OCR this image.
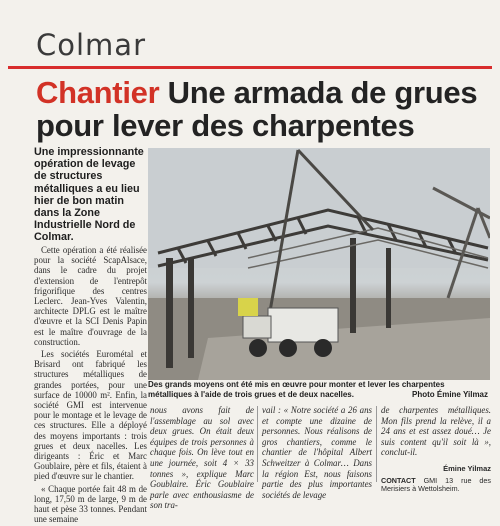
Colmar
Chantier Une armada de grues
pour lever des charpentes
Une impressionnante opération de levage de structures métalliques a eu lieu hier de bon matin dans la Zone Industrielle Nord de Colmar.

Cette opération a été réalisée pour la société ScapAlsace, dans le cadre du projet d'extension de l'entrepôt frigorifique des centres Leclerc. Jean-Yves Valentin, architecte DPLG est le maître d'œuvre et la SCI Denis Papin est le maître d'ouvrage de la construction.

Les sociétés Eurométal et Brisard ont fabriqué les structures métalliques de grandes portées, pour une surface de 10000 m². Enfin, la société GMI est intervenue pour le montage et le levage de ces structures. Elle a déployé des moyens importants : trois grues et deux nacelles. Les dirigeants : Éric et Marc Goublaire, père et fils, étaient à pied d'œuvre sur le chantier.

« Chaque portée fait 48 m de long, 17,50 m de large, 9 m de haut et pèse 33 tonnes. Pendant une semaine

Des grands moyens ont été mis en œuvre pour monter et lever les charpentes métalliques à l'aide de trois grues et de deux nacelles.	Photo Émine Yilmaz

nous avons fait de l'assemblage au sol avec deux grues. On était deux équipes de trois personnes à chaque fois. On lève tout en une journée, soit 4 × 33 tonnes », explique Marc Goublaire. Éric Goublaire parle avec enthousiasme de son tra-

vail : « Notre société a 26 ans et compte une dizaine de personnes. Nous réalisons de gros chantiers, comme le chantier de l'hôpital Albert Schweitzer à Colmar… Dans la région Est, nous faisons partie des plus importantes sociétés de levage

de charpentes métalliques. Mon fils prend la relève, il a 24 ans et est assez doué… Je suis content qu'il soit là », conclut-il.

Émine Yilmaz
CONTACT GMI 13 rue des Merisiers à Wettolsheim.
